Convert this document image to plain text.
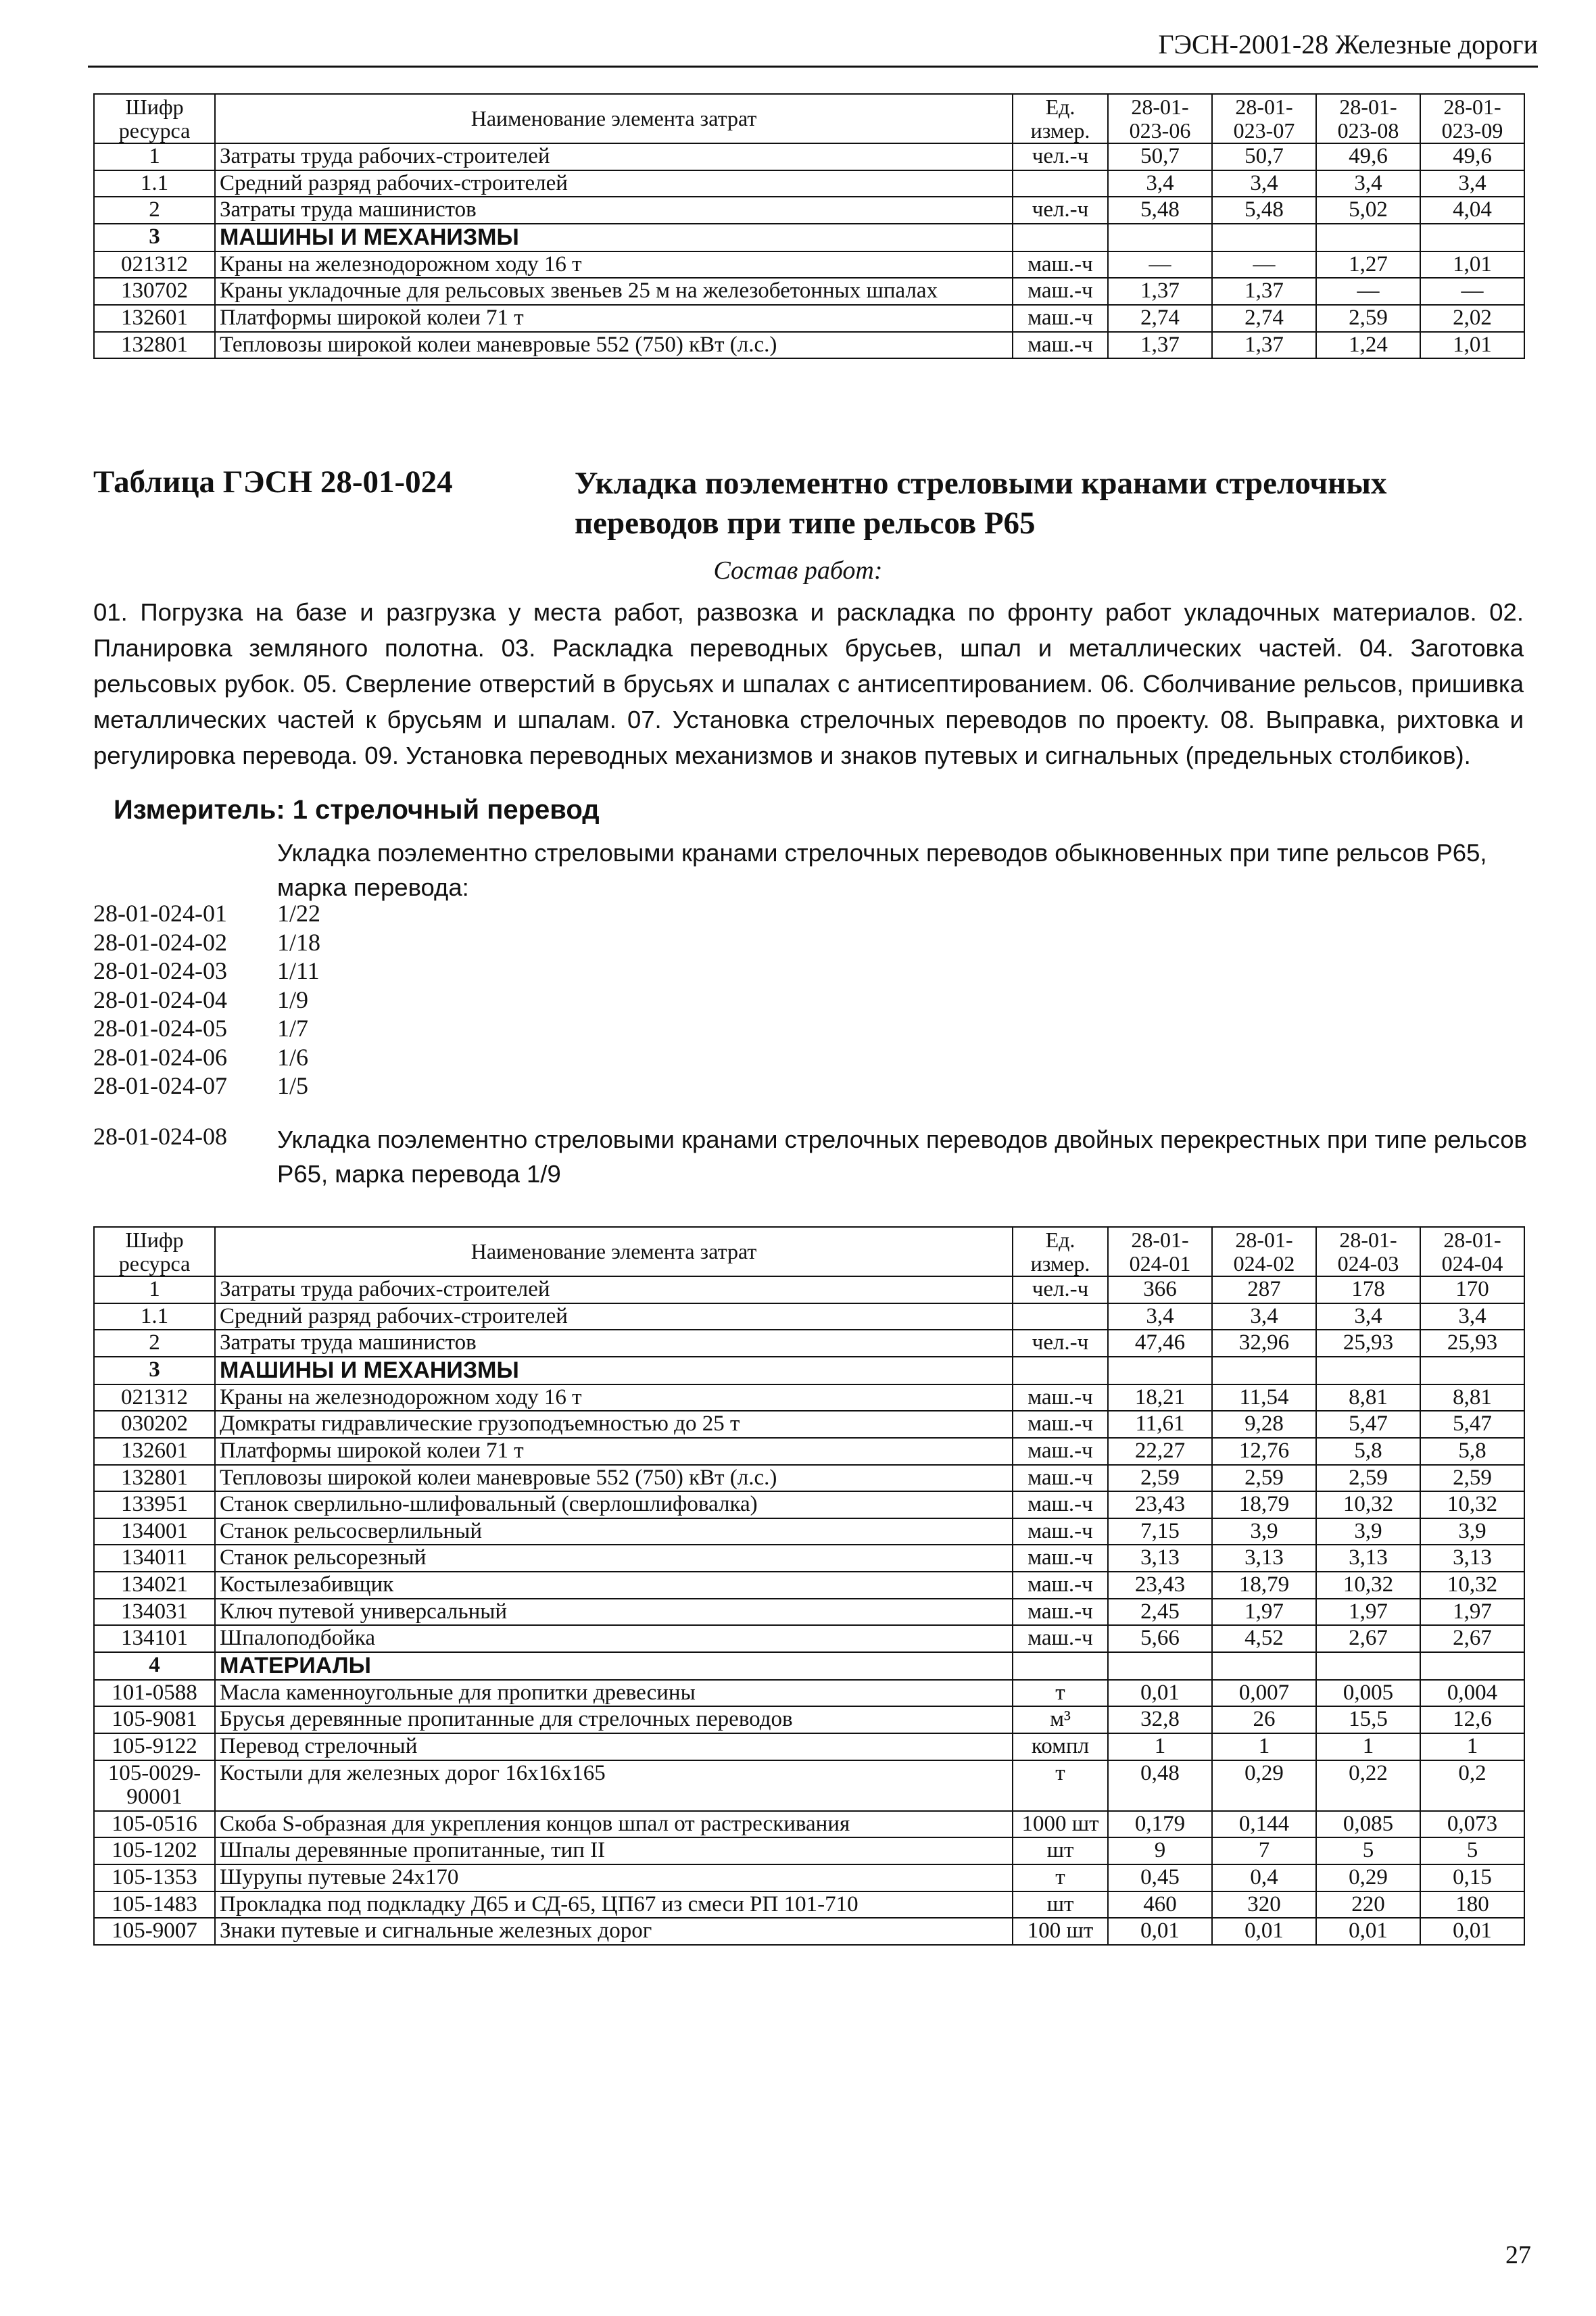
ГЭСН-2001-28 Железные дороги
Шифр ресурса	Наименование элемента затрат	Ед. измер.	28-01-023-06	28-01-023-07	28-01-023-08	28-01-023-09
1	Затраты труда рабочих-строителей	чел.-ч	50,7	50,7	49,6	49,6
1.1	Средний разряд рабочих-строителей		3,4	3,4	3,4	3,4
2	Затраты труда машинистов	чел.-ч	5,48	5,48	5,02	4,04
3	МАШИНЫ И МЕХАНИЗМЫ					
021312	Краны на железнодорожном ходу 16 т	маш.-ч	—	—	1,27	1,01
130702	Краны укладочные для рельсовых звеньев 25 м на железобетонных шпалах	маш.-ч	1,37	1,37	—	—
132601	Платформы широкой колеи 71 т	маш.-ч	2,74	2,74	2,59	2,02
132801	Тепловозы широкой колеи маневровые 552 (750) кВт (л.с.)	маш.-ч	1,37	1,37	1,24	1,01
Таблица ГЭСН 28-01-024	Укладка поэлементно стреловыми кранами стрелочных переводов при типе рельсов Р65
Состав работ:
01. Погрузка на базе и разгрузка у места работ, развозка и раскладка по фронту работ укладочных материалов. 02. Планировка земляного полотна. 03. Раскладка переводных брусьев, шпал и металлических частей. 04. Заготовка рельсовых рубок. 05. Сверление отверстий в брусьях и шпалах с антисептированием. 06. Сболчивание рельсов, пришивка металлических частей к брусьям и шпалам. 07. Установка стрелочных переводов по проекту. 08. Выправка, рихтовка и регулировка перевода. 09. Установка переводных механизмов и знаков путевых и сигнальных (предельных столбиков).
Измеритель: 1 стрелочный перевод
Укладка поэлементно стреловыми кранами стрелочных переводов обыкновенных при типе рельсов Р65, марка перевода:
28-01-024-01 1/22
28-01-024-02 1/18
28-01-024-03 1/11
28-01-024-04 1/9
28-01-024-05 1/7
28-01-024-06 1/6
28-01-024-07 1/5
28-01-024-08 Укладка поэлементно стреловыми кранами стрелочных переводов двойных перекрестных при типе рельсов Р65, марка перевода 1/9
Шифр ресурса	Наименование элемента затрат	Ед. измер.	28-01-024-01	28-01-024-02	28-01-024-03	28-01-024-04
1	Затраты труда рабочих-строителей	чел.-ч	366	287	178	170
1.1	Средний разряд рабочих-строителей		3,4	3,4	3,4	3,4
2	Затраты труда машинистов	чел.-ч	47,46	32,96	25,93	25,93
3	МАШИНЫ И МЕХАНИЗМЫ					
021312	Краны на железнодорожном ходу 16 т	маш.-ч	18,21	11,54	8,81	8,81
030202	Домкраты гидравлические грузоподъемностью до 25 т	маш.-ч	11,61	9,28	5,47	5,47
132601	Платформы широкой колеи 71 т	маш.-ч	22,27	12,76	5,8	5,8
132801	Тепловозы широкой колеи маневровые 552 (750) кВт (л.с.)	маш.-ч	2,59	2,59	2,59	2,59
133951	Станок сверлильно-шлифовальный (сверлошлифовалка)	маш.-ч	23,43	18,79	10,32	10,32
134001	Станок рельсосверлильный	маш.-ч	7,15	3,9	3,9	3,9
134011	Станок рельсорезный	маш.-ч	3,13	3,13	3,13	3,13
134021	Костылезабивщик	маш.-ч	23,43	18,79	10,32	10,32
134031	Ключ путевой универсальный	маш.-ч	2,45	1,97	1,97	1,97
134101	Шпалоподбойка	маш.-ч	5,66	4,52	2,67	2,67
4	МАТЕРИАЛЫ					
101-0588	Масла каменноугольные для пропитки древесины	т	0,01	0,007	0,005	0,004
105-9081	Брусья деревянные пропитанные для стрелочных переводов	м³	32,8	26	15,5	12,6
105-9122	Перевод стрелочный	компл	1	1	1	1
105-0029-90001	Костыли для железных дорог 16х16х165	т	0,48	0,29	0,22	0,2
105-0516	Скоба S-образная для укрепления концов шпал от растрескивания	1000 шт	0,179	0,144	0,085	0,073
105-1202	Шпалы деревянные пропитанные, тип II	шт	9	7	5	5
105-1353	Шурупы путевые 24х170	т	0,45	0,4	0,29	0,15
105-1483	Прокладка под подкладку Д65 и СД-65, ЦП67 из смеси РП 101-710	шт	460	320	220	180
105-9007	Знаки путевые и сигнальные железных дорог	100 шт	0,01	0,01	0,01	0,01
27
